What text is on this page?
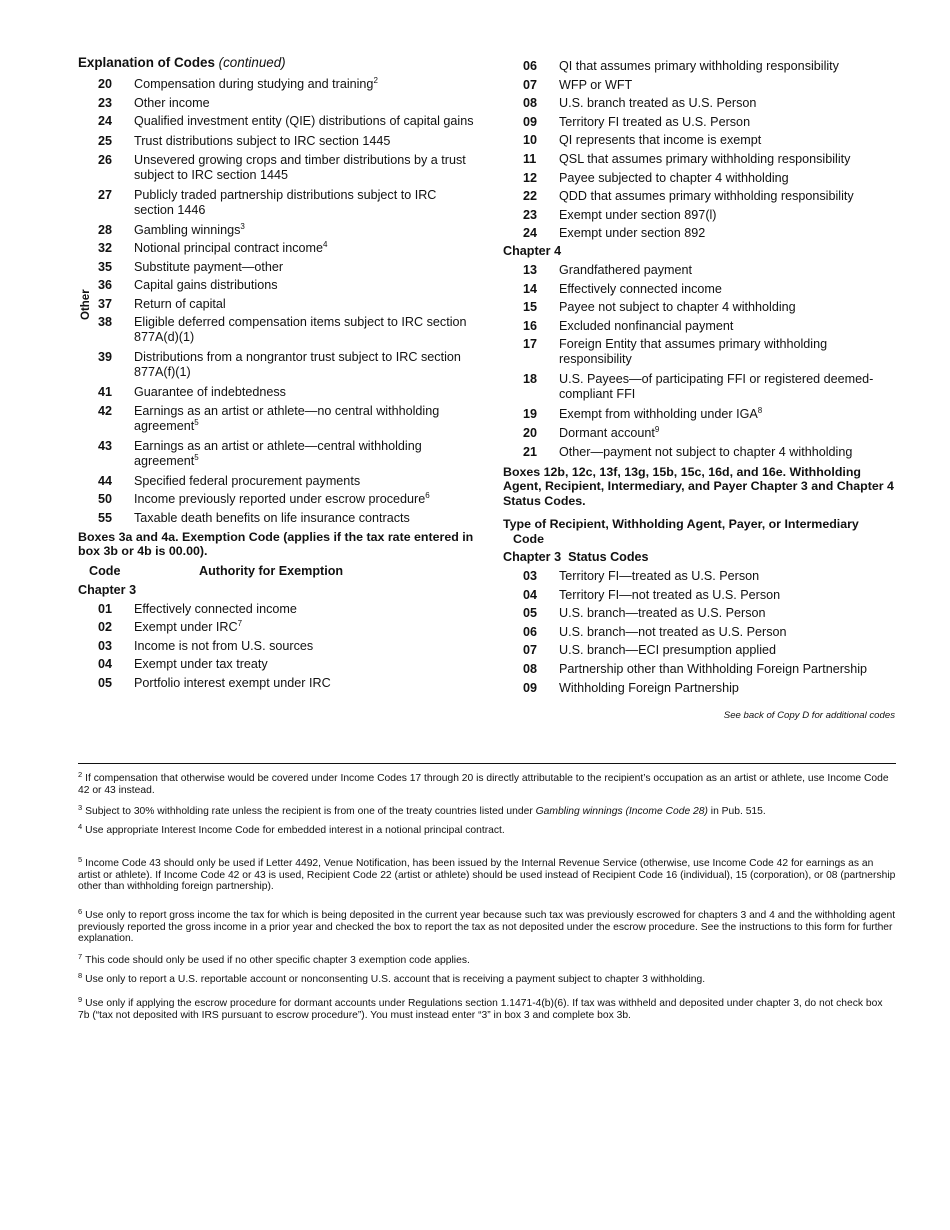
Explanation of Codes (continued)
20	Compensation during studying and training$^2$
23	Other income
24	Qualified investment entity (QIE) distributions of capital gains
25	Trust distributions subject to IRC section 1445
26	Unsevered growing crops and timber distributions by a trust subject to IRC section 1445
27	Publicly traded partnership distributions subject to IRC section 1446
28	Gambling winnings$^3$
32	Notional principal contract income$^4$
35	Substitute payment—other
36	Capital gains distributions
37	Return of capital
38	Eligible deferred compensation items subject to IRC section 877A(d)(1)
39	Distributions from a nongrantor trust subject to IRC section 877A(f)(1)
41	Guarantee of indebtedness
42	Earnings as an artist or athlete—no central withholding agreement$^5$
43	Earnings as an artist or athlete—central withholding agreement$^5$
44	Specified federal procurement payments
50	Income previously reported under escrow procedure$^6$
55	Taxable death benefits on life insurance contracts
Boxes 3a and 4a. Exemption Code (applies if the tax rate entered in box 3b or 4b is 00.00).
Code	Authority for Exemption
Chapter 3
01	Effectively connected income
02	Exempt under IRC$^7$
03	Income is not from U.S. sources
04	Exempt under tax treaty
05	Portfolio interest exempt under IRC
Other
06	QI that assumes primary withholding responsibility
07	WFP or WFT
08	U.S. branch treated as U.S. Person
09	Territory FI treated as U.S. Person
10	QI represents that income is exempt
11	QSL that assumes primary withholding responsibility
12	Payee subjected to chapter 4 withholding
22	QDD that assumes primary withholding responsibility
23	Exempt under section 897(l)
24	Exempt under section 892
Chapter 4
13	Grandfathered payment
14	Effectively connected income
15	Payee not subject to chapter 4 withholding
16	Excluded nonfinancial payment
17	Foreign Entity that assumes primary withholding responsibility
18	U.S. Payees—of participating FFI or registered deemed-compliant FFI
19	Exempt from withholding under IGA$^8$
20	Dormant account$^9$
21	Other—payment not subject to chapter 4 withholding
Boxes 12b, 12c, 13f, 13g, 15b, 15c, 16d, and 16e. Withholding Agent, Recipient, Intermediary, and Payer Chapter 3 and Chapter 4 Status Codes.
Type of Recipient, Withholding Agent, Payer, or Intermediary
Code
Chapter 3  Status Codes
03	Territory FI—treated as U.S. Person
04	Territory FI—not treated as U.S. Person
05	U.S. branch—treated as U.S. Person
06	U.S. branch—not treated as U.S. Person
07	U.S. branch—ECI presumption applied
08	Partnership other than Withholding Foreign Partnership
09	Withholding Foreign Partnership
See back of Copy D for additional codes
$^2$ If compensation that otherwise would be covered under Income Codes 17 through 20 is directly attributable to the recipient’s occupation as an artist or athlete, use Income Code 42 or 43 instead.
$^3$ Subject to 30% withholding rate unless the recipient is from one of the treaty countries listed under Gambling winnings (Income Code 28) in Pub. 515.
$^4$ Use appropriate Interest Income Code for embedded interest in a notional principal contract.
$^5$ Income Code 43 should only be used if Letter 4492, Venue Notification, has been issued by the Internal Revenue Service (otherwise, use Income Code 42 for earnings as an artist or athlete). If Income Code 42 or 43 is used, Recipient Code 22 (artist or athlete) should be used instead of Recipient Code 16 (individual), 15 (corporation), or 08 (partnership other than withholding foreign partnership).
$^6$ Use only to report gross income the tax for which is being deposited in the current year because such tax was previously escrowed for chapters 3 and 4 and the withholding agent previously reported the gross income in a prior year and checked the box to report the tax as not deposited under the escrow procedure. See the instructions to this form for further explanation.
$^7$ This code should only be used if no other specific chapter 3 exemption code applies.
$^8$ Use only to report a U.S. reportable account or nonconsenting U.S. account that is receiving a payment subject to chapter 3 withholding.
$^9$ Use only if applying the escrow procedure for dormant accounts under Regulations section 1.1471-4(b)(6). If tax was withheld and deposited under chapter 3, do not check box 7b (“tax not deposited with IRS pursuant to escrow procedure”). You must instead enter “3” in box 3 and complete box 3b.
